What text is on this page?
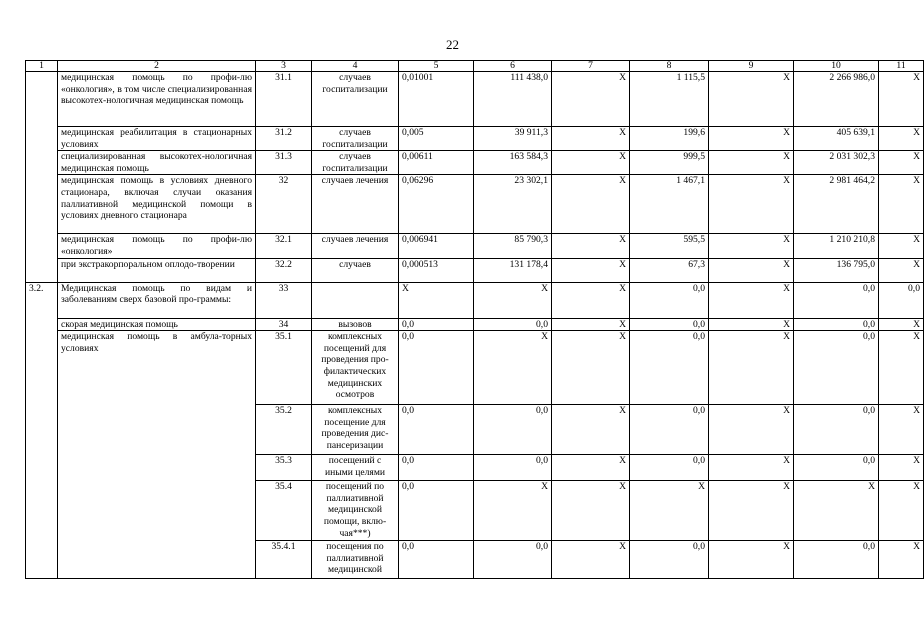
22
1	2	3	4	5	6	7	8	9	10	11
	медицинская помощь по профи-лю «онкология», в том числе специализированная высокотех-нологичная медицинская помощь	31.1	случаев госпитализации	0,01001	111 438,0	X	1 115,5	X	2 266 986,0	X
	медицинская реабилитация в стационарных условиях	31.2	случаев госпитализации	0,005	39 911,3	X	199,6	X	405 639,1	X
	специализированная высокотех-нологичная медицинская помощь	31.3	случаев госпитализации	0,00611	163 584,3	X	999,5	X	2 031 302,3	X
	медицинская помощь в условиях дневного стационара, включая случаи оказания паллиативной медицинской помощи в условиях дневного стационара	32	случаев лечения	0,06296	23 302,1	X	1 467,1	X	2 981 464,2	X
	медицинская помощь по профи-лю «онкология»	32.1	случаев лечения	0,006941	85 790,3	X	595,5	X	1 210 210,8	X
	при экстракорпоральном оплодо-творении	32.2	случаев	0,000513	131 178,4	X	67,3	X	136 795,0	X
3.2.	Медицинская помощь по видам и заболеваниям сверх базовой про-граммы:	33		X	X	X	0,0	X	0,0	0,0
	скорая медицинская помощь	34	вызовов	0,0	0,0	X	0,0	X	0,0	X
	медицинская помощь в амбула-торных условиях	35.1	комплексных посещений для проведения про-филактических медицинских осмотров	0,0	X	X	0,0	X	0,0	X
		35.2	комплексных посещение для проведения дис-пансеризации	0,0	0,0	X	0,0	X	0,0	X
		35.3	посещений с иными целями	0,0	0,0	X	0,0	X	0,0	X
		35.4	посещений по паллиативной медицинской помощи, вклю-чая***)	0,0	X	X	X	X	X	X
		35.4.1	посещения по паллиативной медицинской	0,0	0,0	X	0,0	X	0,0	X
